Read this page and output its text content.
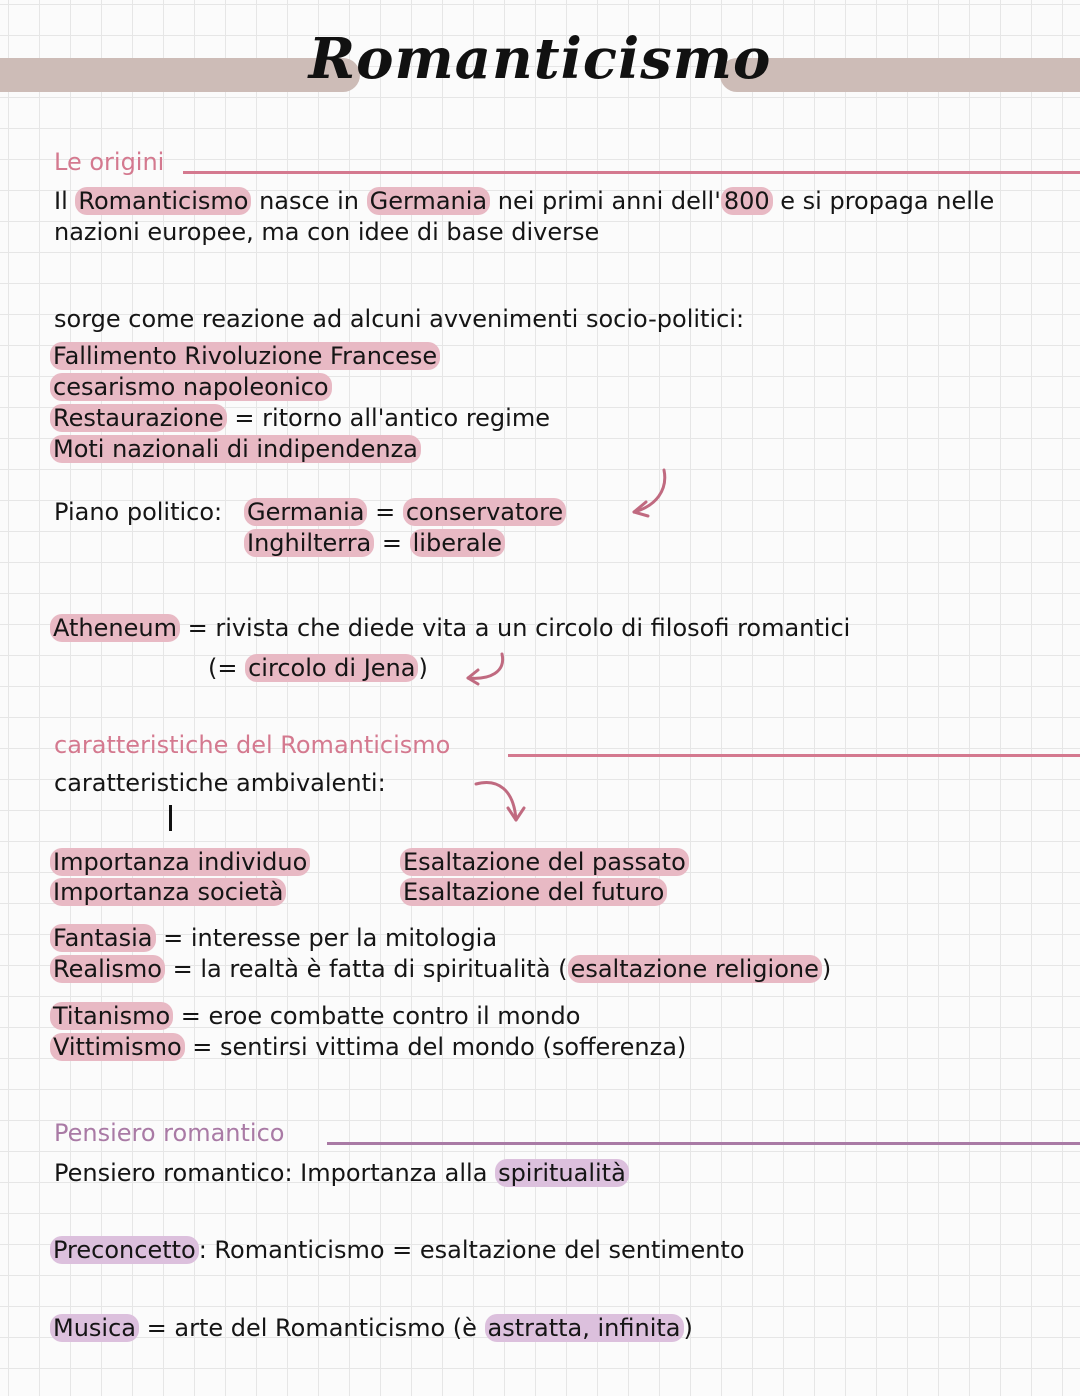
Romanticismo
Le origini
Il Romanticismo nasce in Germania nei primi anni dell' 800 e si propaga nelle
nazioni europee, ma con idee di base diverse
sorge come reazione ad alcuni avvenimenti socio-politici:
Fallimento Rivoluzione Francese
cesarismo napoleonico
Restaurazione = ritorno all'antico regime
Moti nazionali di indipendenza
Piano politico: Germania = conservatore
Inghilterra = liberale
Atheneum = rivista che diede vita a un circolo di filosofi romantici
(= circolo di Jena )
caratteristiche del Romanticismo
caratteristiche ambivalenti:
Importanza individuo
Importanza società
Esaltazione del passato
Esaltazione del futuro
Fantasia = interesse per la mitologia
Realismo = la realtà è fatta di spiritualità ( esaltazione religione )
Titanismo = eroe combatte contro il mondo
Vittimismo = sentirsi vittima del mondo (sofferenza)
Pensiero romantico
Pensiero romantico: Importanza alla spiritualità
Preconcetto : Romanticismo = esaltazione del sentimento
Musica = arte del Romanticismo (è astratta, infinita )
